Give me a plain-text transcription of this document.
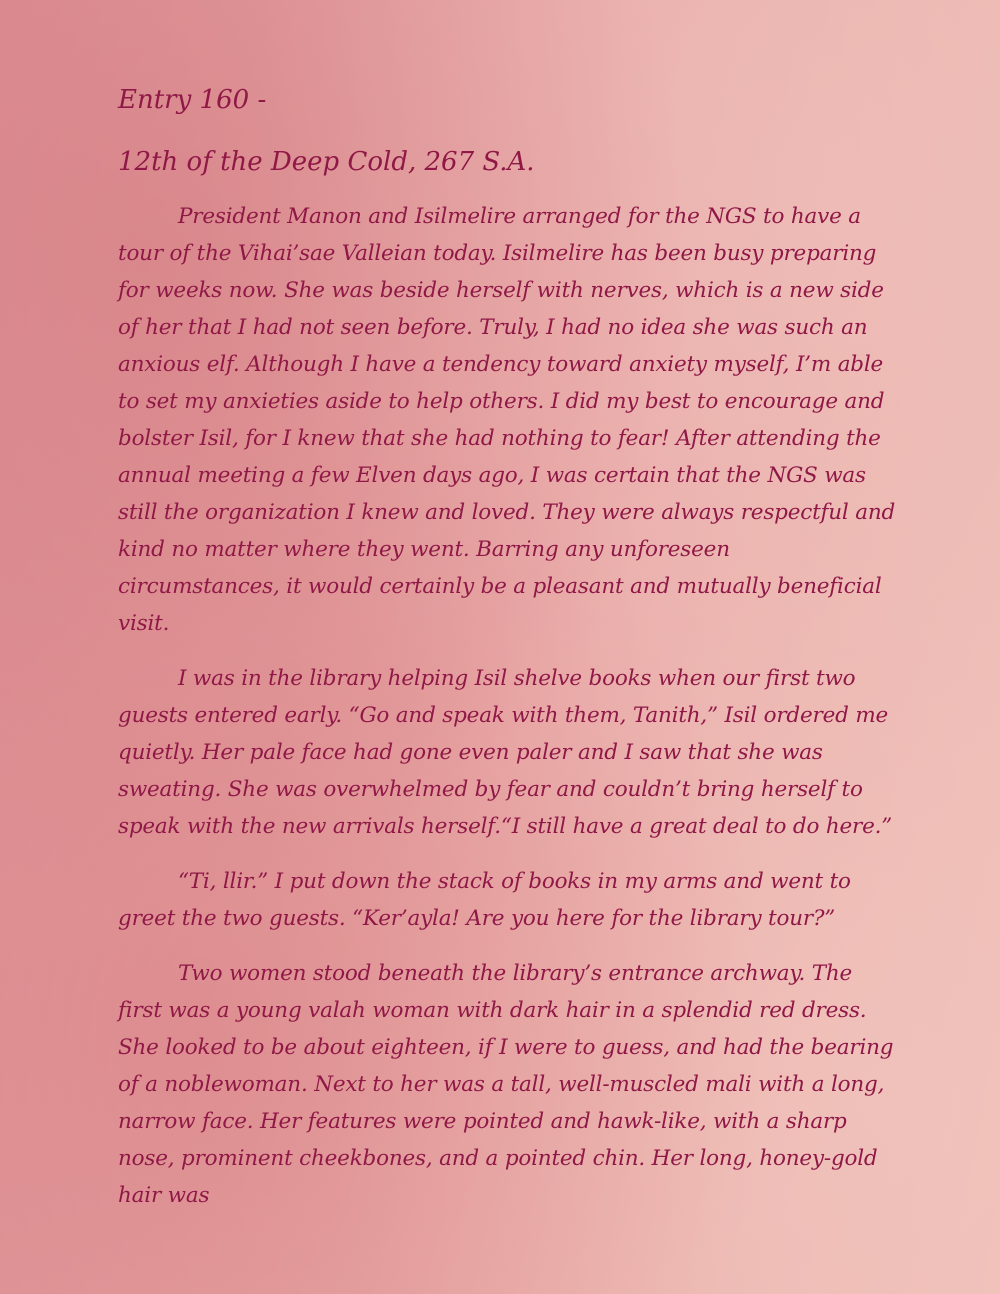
Entry 160 -
12th of the Deep Cold, 267 S.A.

President Manon and Isilmelire arranged for the NGS to have a tour of the Vihai’sae Valleian today. Isilmelire has been busy preparing for weeks now. She was beside herself with nerves, which is a new side of her that I had not seen before. Truly, I had no idea she was such an anxious elf. Although I have a tendency toward anxiety myself, I’m able to set my anxieties aside to help others. I did my best to encourage and bolster Isil, for I knew that she had nothing to fear! After attending the annual meeting a few Elven days ago, I was certain that the NGS was still the organization I knew and loved. They were always respectful and kind no matter where they went. Barring any unforeseen circumstances, it would certainly be a pleasant and mutually beneficial visit.

I was in the library helping Isil shelve books when our first two guests entered early. “Go and speak with them, Tanith,” Isil ordered me quietly. Her pale face had gone even paler and I saw that she was sweating. She was overwhelmed by fear and couldn’t bring herself to speak with the new arrivals herself.“I still have a great deal to do here.”

“Ti, llir.” I put down the stack of books in my arms and went to greet the two guests. “Ker’ayla! Are you here for the library tour?”

Two women stood beneath the library’s entrance archway. The first was a young valah woman with dark hair in a splendid red dress. She looked to be about eighteen, if I were to guess, and had the bearing of a noblewoman. Next to her was a tall, well-muscled mali with a long, narrow face. Her features were pointed and hawk-like, with a sharp nose, prominent cheekbones, and a pointed chin. Her long, honey-gold hair was
